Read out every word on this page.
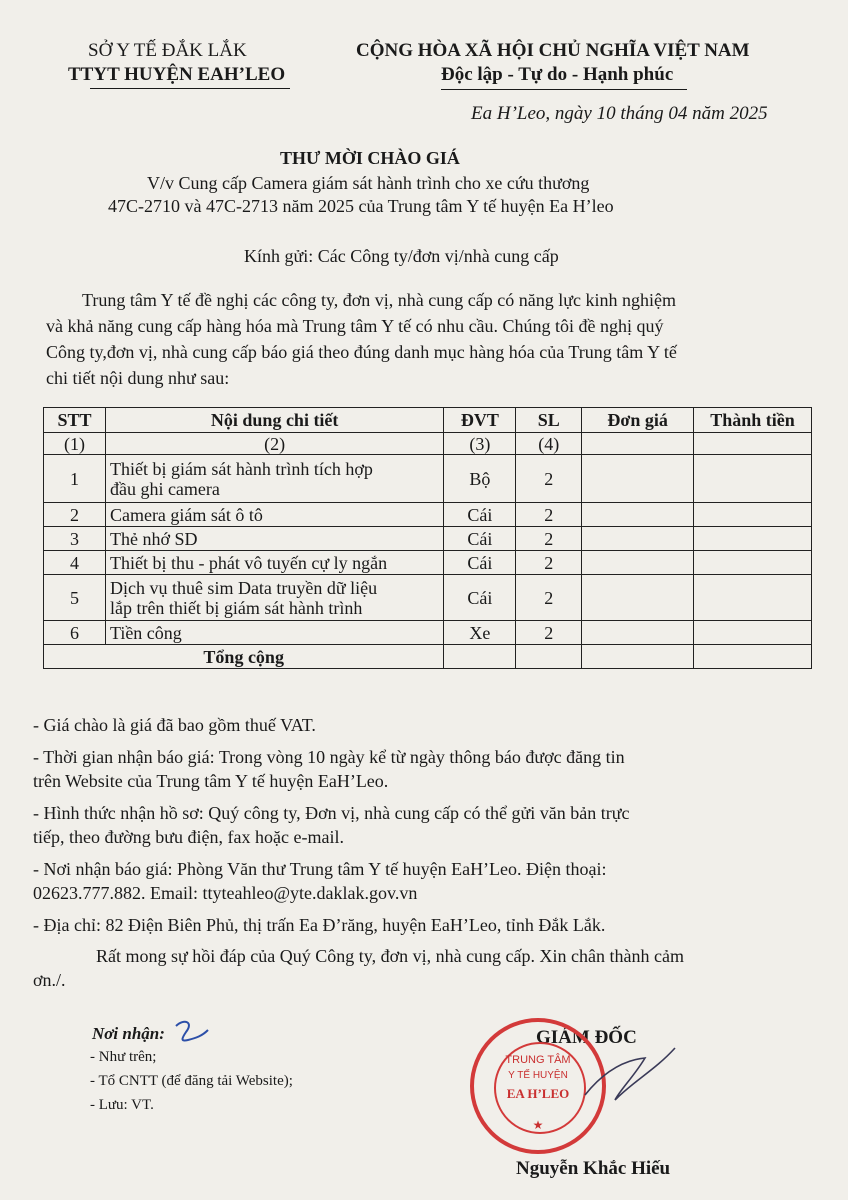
SỞ Y TẾ ĐẮK LẮK
TTYT HUYỆN EAH’LEO
CỘNG HÒA XÃ HỘI CHỦ NGHĨA VIỆT NAM
Độc lập - Tự do - Hạnh phúc
Ea H’Leo, ngày 10 tháng 04 năm 2025
THƯ MỜI CHÀO GIÁ
V/v Cung cấp Camera giám sát hành trình cho xe cứu thương
47C-2710 và 47C-2713 năm 2025 của Trung tâm Y tế huyện Ea H’leo
Kính gửi: Các Công ty/đơn vị/nhà cung cấp
Trung tâm Y tế đề nghị các công ty, đơn vị, nhà cung cấp có năng lực kinh nghiệm
và khả năng cung cấp hàng hóa mà Trung tâm Y tế có nhu cầu. Chúng tôi đề nghị quý
Công ty,đơn vị, nhà cung cấp báo giá theo đúng danh mục hàng hóa của Trung tâm Y tế
chi tiết nội dung như sau:
STT	Nội dung chi tiết	ĐVT	SL	Đơn giá	Thành tiền
(1)	(2)	(3)	(4)		
1	Thiết bị giám sát hành trình tích hợp
đầu ghi camera	Bộ	2		
2	Camera giám sát ô tô	Cái	2		
3	Thẻ nhớ SD	Cái	2		
4	Thiết bị thu - phát vô tuyến cự ly ngắn	Cái	2		
5	Dịch vụ thuê sim Data truyền dữ liệu
lắp trên thiết bị giám sát hành trình	Cái	2		
6	Tiền công	Xe	2		
Tổng cộng					
- Giá chào là giá đã bao gồm thuế VAT.
- Thời gian nhận báo giá: Trong vòng 10 ngày kể từ ngày thông báo được đăng tin
trên Website của Trung tâm Y tế huyện EaH’Leo.
- Hình thức nhận hồ sơ: Quý công ty, Đơn vị, nhà cung cấp có thể gửi văn bản trực
tiếp, theo đường bưu điện, fax hoặc e-mail.
- Nơi nhận báo giá: Phòng Văn thư Trung tâm Y tế huyện EaH’Leo. Điện thoại:
02623.777.882. Email: ttyteahleo@yte.daklak.gov.vn
- Địa chỉ: 82 Điện Biên Phủ, thị trấn Ea Đ’răng, huyện EaH’Leo, tỉnh Đắk Lắk.
Rất mong sự hồi đáp của Quý Công ty, đơn vị, nhà cung cấp. Xin chân thành cảm
ơn./.
Nơi nhận:
- Như trên;
- Tổ CNTT (để đăng tải Website);
- Lưu: VT.
GIÁM ĐỐC
TRUNG TÂM
Y TẾ HUYỆN
EA H’LEO
★
Nguyễn Khắc Hiếu
